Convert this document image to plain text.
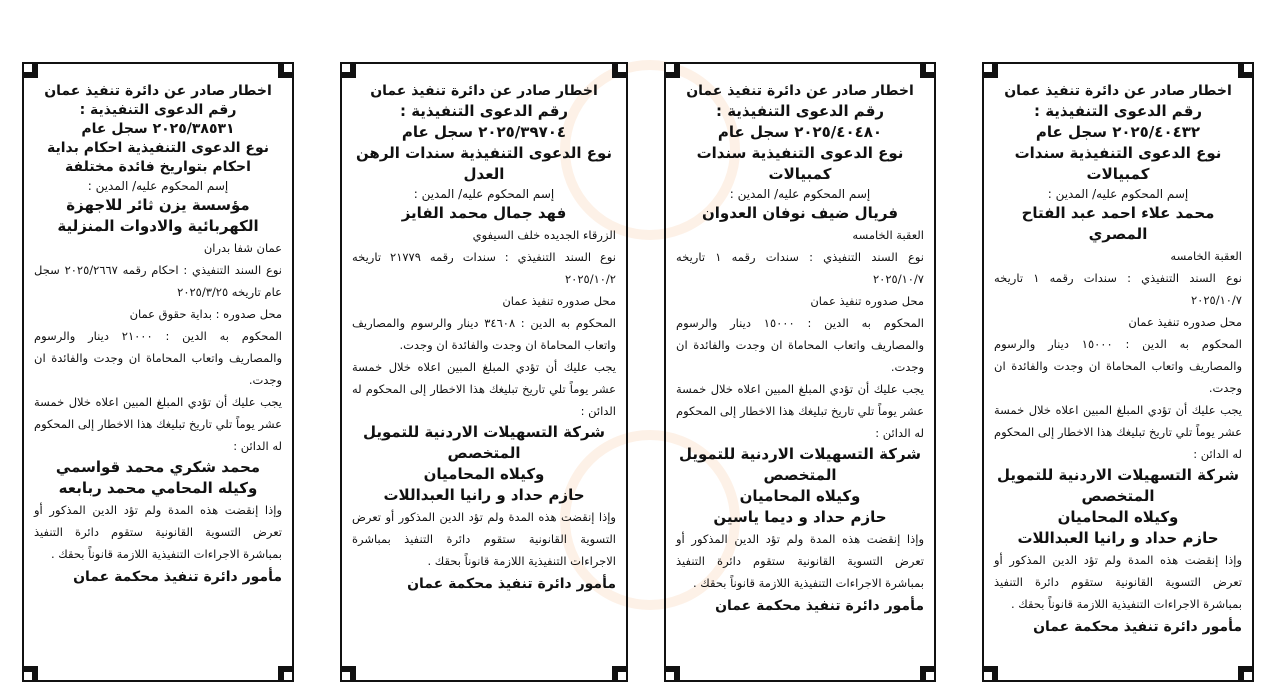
اخطار صادر عن دائرة تنفيذ عمان
رقم الدعوى التنفيذية :
٢٠٢٥/٣٨٥٣١ سجل عام
نوع الدعوى التنفيذية احكام بداية احكام بتواريخ فائدة مختلفة
إسم المحكوم عليه/ المدين :
مؤسسة يزن ثائر للاجهزة الكهربائية والادوات المنزلية
عمان شفا بدران
نوع السند التنفيذي : احكام رقمه ٢٠٢٥/٢٦٦٧ سجل عام تاريخه ٢٠٢٥/٣/٢٥
محل صدوره : بداية حقوق عمان
المحكوم به الدين : ٢١٠٠٠ دينار والرسوم والمصاريف واتعاب المحاماة ان وجدت والفائدة ان وجدت.
يجب عليك أن تؤدي المبلغ المبين اعلاه خلال خمسة عشر يوماً تلي تاريخ تبليغك هذا الاخطار إلى المحكوم له الدائن :
محمد شكري محمد قواسمي
وكيله المحامي محمد ربابعه
وإذا إنقضت هذه المدة ولم تؤد الدين المذكور أو تعرض التسوية القانونية ستقوم دائرة التنفيذ بمباشرة الاجراءات التنفيذية اللازمة قانوناً بحقك .
مأمور دائرة تنفيذ محكمة عمان
اخطار صادر عن دائرة تنفيذ عمان
رقم الدعوى التنفيذية :
٢٠٢٥/٣٩٧٠٤ سجل عام
نوع الدعوى التنفيذية سندات الرهن العدل
إسم المحكوم عليه/ المدين :
فهد جمال محمد الفايز
الزرقاء الجديده خلف السيفوي
نوع السند التنفيذي : سندات رقمه ٢١٧٧٩ تاريخه ٢٠٢٥/١٠/٢
محل صدوره تنفيذ عمان
المحكوم به الدين : ٣٤٦٠٨ دينار والرسوم والمصاريف واتعاب المحاماة ان وجدت والفائدة ان وجدت.
يجب عليك أن تؤدي المبلغ المبين اعلاه خلال خمسة عشر يوماً تلي تاريخ تبليغك هذا الاخطار إلى المحكوم له الدائن :
شركة التسهيلات الاردنية للتمويل المتخصص
وكيلاه المحاميان
حازم حداد و رانيا العبداللات
وإذا إنقضت هذه المدة ولم تؤد الدين المذكور أو تعرض التسوية القانونية ستقوم دائرة التنفيذ بمباشرة الاجراءات التنفيذية اللازمة قانوناً بحقك .
مأمور دائرة تنفيذ محكمة عمان
اخطار صادر عن دائرة تنفيذ عمان
رقم الدعوى التنفيذية :
٢٠٢٥/٤٠٤٨٠ سجل عام
نوع الدعوى التنفيذية سندات كمبيالات
إسم المحكوم عليه/ المدين :
فريال ضيف نوفان العدوان
العقبة الخامسه
نوع السند التنفيذي : سندات رقمه ١ تاريخه ٢٠٢٥/١٠/٧
محل صدوره تنفيذ عمان
المحكوم به الدين : ١٥٠٠٠ دينار والرسوم والمصاريف واتعاب المحاماة ان وجدت والفائدة ان وجدت.
يجب عليك أن تؤدي المبلغ المبين اعلاه خلال خمسة عشر يوماً تلي تاريخ تبليغك هذا الاخطار إلى المحكوم له الدائن :
شركة التسهيلات الاردنية للتمويل المتخصص
وكيلاه المحاميان
حازم حداد و ديما ياسين
وإذا إنقضت هذه المدة ولم تؤد الدين المذكور أو تعرض التسوية القانونية ستقوم دائرة التنفيذ بمباشرة الاجراءات التنفيذية اللازمة قانوناً بحقك .
مأمور دائرة تنفيذ محكمة عمان
اخطار صادر عن دائرة تنفيذ عمان
رقم الدعوى التنفيذية :
٢٠٢٥/٤٠٤٣٢ سجل عام
نوع الدعوى التنفيذية سندات كمبيالات
إسم المحكوم عليه/ المدين :
محمد علاء احمد عبد الفتاح المصري
العقبة الخامسه
نوع السند التنفيذي : سندات رقمه ١ تاريخه ٢٠٢٥/١٠/٧
محل صدوره تنفيذ عمان
المحكوم به الدين : ١٥٠٠٠ دينار والرسوم والمصاريف واتعاب المحاماة ان وجدت والفائدة ان وجدت.
يجب عليك أن تؤدي المبلغ المبين اعلاه خلال خمسة عشر يوماً تلي تاريخ تبليغك هذا الاخطار إلى المحكوم له الدائن :
شركة التسهيلات الاردنية للتمويل المتخصص
وكيلاه المحاميان
حازم حداد و رانيا العبداللات
وإذا إنقضت هذه المدة ولم تؤد الدين المذكور أو تعرض التسوية القانونية ستقوم دائرة التنفيذ بمباشرة الاجراءات التنفيذية اللازمة قانوناً بحقك .
مأمور دائرة تنفيذ محكمة عمان
